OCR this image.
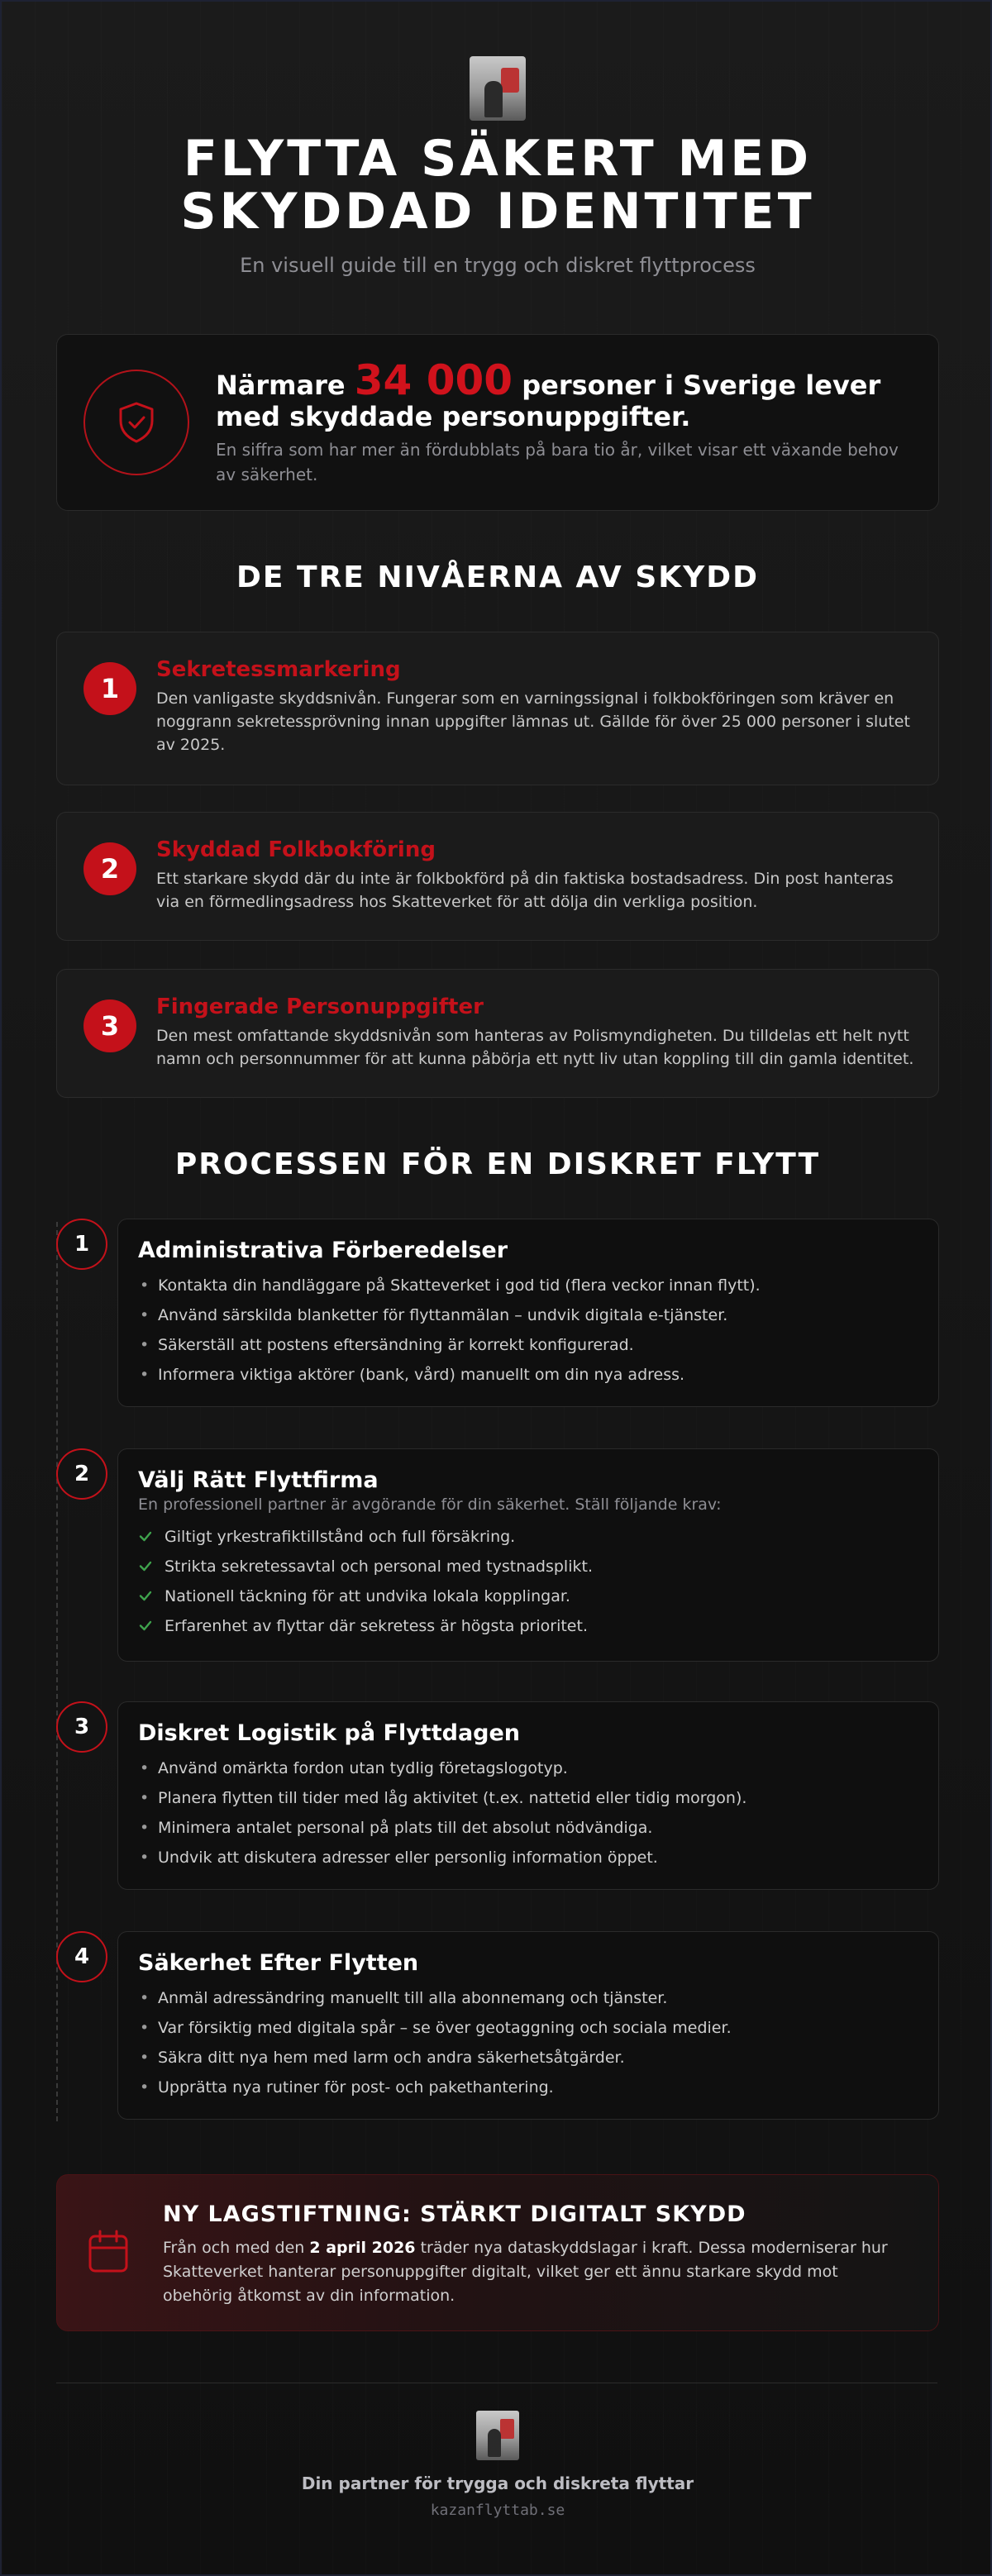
FLYTTA SÄKERT MED
SKYDDAD IDENTITET
En visuell guide till en trygg och diskret flyttprocess
Närmare 34 000 personer i Sverige lever med skyddade personuppgifter.
En siffra som har mer än fördubblats på bara tio år, vilket visar ett växande behov av säkerhet.
DE TRE NIVÅERNA AV SKYDD
1
Sekretessmarkering
Den vanligaste skyddsnivån. Fungerar som en varningssignal i folkbokföringen som kräver en noggrann sekretessprövning innan uppgifter lämnas ut. Gällde för över 25 000 personer i slutet av 2025.
2
Skyddad Folkbokföring
Ett starkare skydd där du inte är folkbokförd på din faktiska bostadsadress. Din post hanteras via en förmedlingsadress hos Skatteverket för att dölja din verkliga position.
3
Fingerade Personuppgifter
Den mest omfattande skyddsnivån som hanteras av Polismyndigheten. Du tilldelas ett helt nytt namn och personnummer för att kunna påbörja ett nytt liv utan koppling till din gamla identitet.
PROCESSEN FÖR EN DISKRET FLYTT
1	Administrativa Förberedelser
• Kontakta din handläggare på Skatteverket i god tid (flera veckor innan flytt).
• Använd särskilda blanketter för flyttanmälan – undvik digitala e-tjänster.
• Säkerställ att postens eftersändning är korrekt konfigurerad.
• Informera viktiga aktörer (bank, vård) manuellt om din nya adress.
2	Välj Rätt Flyttfirma
En professionell partner är avgörande för din säkerhet. Ställ följande krav:
Giltigt yrkestrafiktillstånd och full försäkring.
Strikta sekretessavtal och personal med tystnadsplikt.
Nationell täckning för att undvika lokala kopplingar.
Erfarenhet av flyttar där sekretess är högsta prioritet.
3	Diskret Logistik på Flyttdagen
• Använd omärkta fordon utan tydlig företagslogotyp.
• Planera flytten till tider med låg aktivitet (t.ex. nattetid eller tidig morgon).
• Minimera antalet personal på plats till det absolut nödvändiga.
• Undvik att diskutera adresser eller personlig information öppet.
4	Säkerhet Efter Flytten
• Anmäl adressändring manuellt till alla abonnemang och tjänster.
• Var försiktig med digitala spår – se över geotaggning och sociala medier.
• Säkra ditt nya hem med larm och andra säkerhetsåtgärder.
• Upprätta nya rutiner för post- och pakethantering.
NY LAGSTIFTNING: STÄRKT DIGITALT SKYDD
Från och med den 2 april 2026 träder nya dataskyddslagar i kraft. Dessa moderniserar hur Skatteverket hanterar personuppgifter digitalt, vilket ger ett ännu starkare skydd mot obehörig åtkomst av din information.
Din partner för trygga och diskreta flyttar
kazanflyttab.se
